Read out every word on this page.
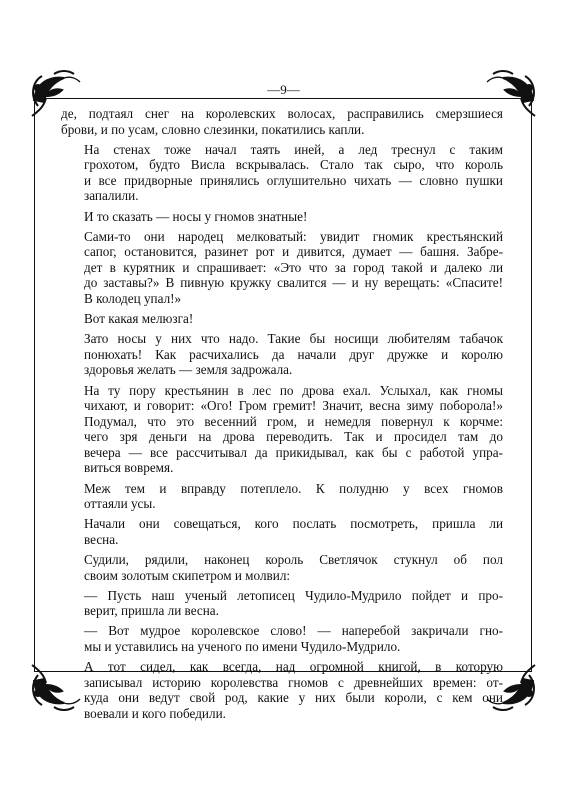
—9—

де, подтаял снег на королевских волосах, расправились смерзшиеся
брови, и по усам, словно слезинки, покатились капли.

На стенах тоже начал таять иней, а лед треснул с таким
грохотом, будто Висла вскрывалась. Стало так сыро, что король
и все придворные принялись оглушительно чихать — словно пушки
запалили.

И то сказать — носы у гномов знатные!

Сами-то они народец мелковатый: увидит гномик крестьянский
сапог, остановится, разинет рот и дивится, думает — башня. Забре-
дет в курятник и спрашивает: «Это что за город такой и далеко ли
до заставы?» В пивную кружку свалится — и ну верещать: «Спасите!
В колодец упал!»

Вот какая мелюзга!

Зато носы у них что надо. Такие бы носищи любителям табачок
понюхать! Как расчихались да начали друг дружке и королю
здоровья желать — земля задрожала.

На ту пору крестьянин в лес по дрова ехал. Услыхал, как гномы
чихают, и говорит: «Ого! Гром гремит! Значит, весна зиму поборола!»
Подумал, что это весенний гром, и немедля повернул к корчме:
чего зря деньги на дрова переводить. Так и просидел там до
вечера — все рассчитывал да прикидывал, как бы с работой упра-
виться вовремя.

Меж тем и вправду потеплело. К полудню у всех гномов
оттаяли усы.

Начали они совещаться, кого послать посмотреть, пришла ли
весна.

Судили, рядили, наконец король Светлячок стукнул об пол
своим золотым скипетром и молвил:

— Пусть наш ученый летописец Чудило-Мудрило пойдет и про-
верит, пришла ли весна.

— Вот мудрое королевское слово! — наперебой закричали гно-
мы и уставились на ученого по имени Чудило-Мудрило.

А тот сидел, как всегда, над огромной книгой, в которую
записывал историю королевства гномов с древнейших времен: от-
куда они ведут свой род, какие у них были короли, с кем они
воевали и кого победили.
